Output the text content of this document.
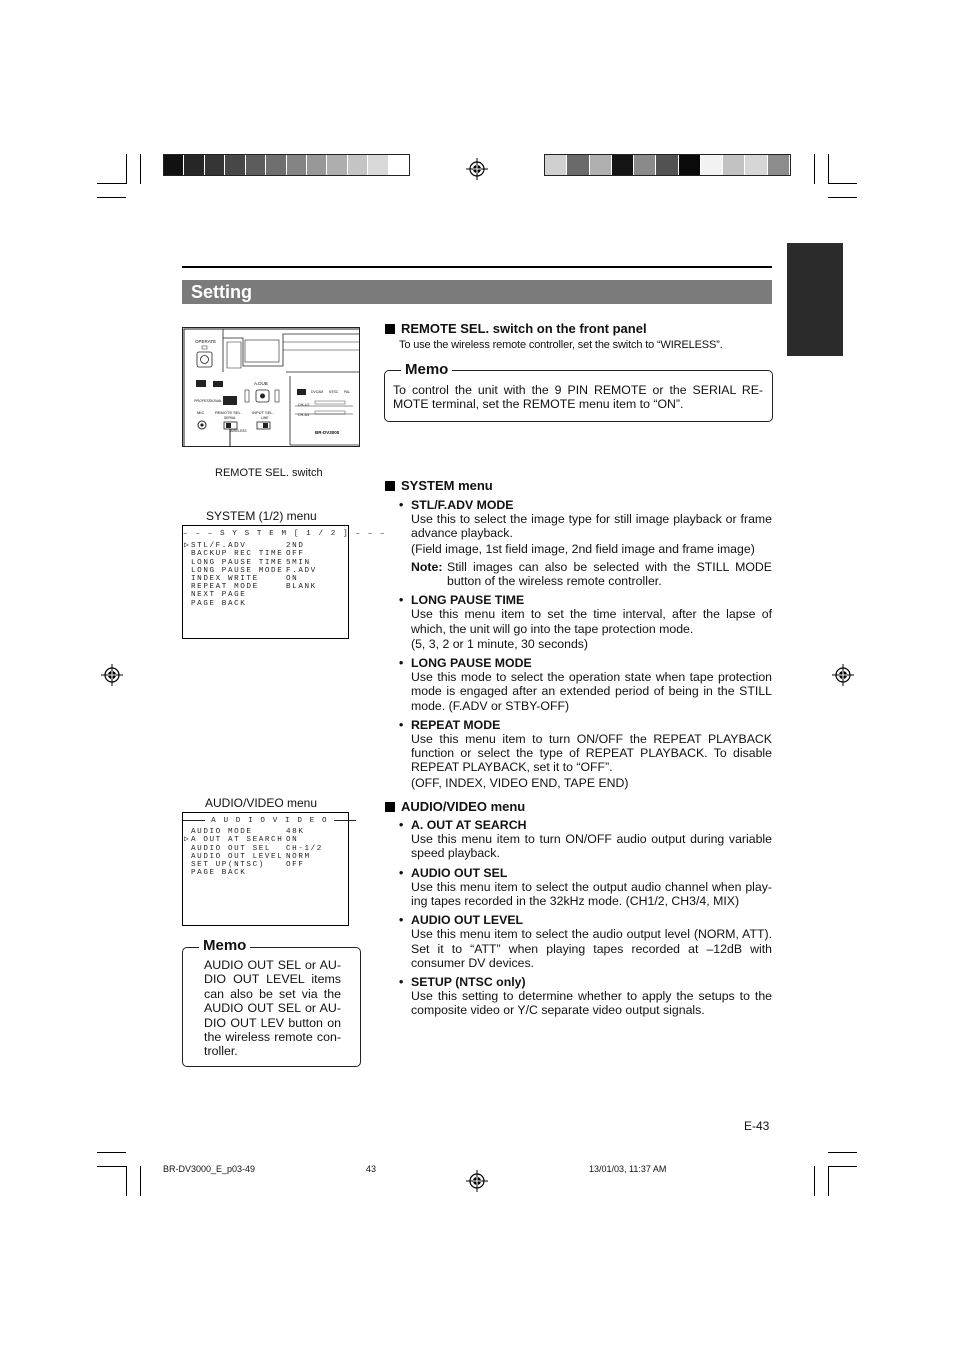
Setting
OPERATE
A.DUB
PROFESSIONAL
MIC	REMOTE SEL.
SERIAL
WIRELESS
INPUT SEL.
LINE
DVCAM NTSC PAL
CH-1/2
CH-3/4
BR-DV3000
REMOTE SEL. switch
SYSTEM (1/2) menu
– – – S Y S T E M [ 1 / 2 ] – – –
▷ STL/F.ADV	2ND
BACKUP REC TIME OFF
LONG PAUSE TIME 5MIN
LONG PAUSE MODE F.ADV
INDEX WRITE	ON
REPEAT MODE	BLANK
NEXT PAGE
PAGE BACK
AUDIO/VIDEO menu
A U D I O V I D E O
AUDIO MODE	48K
▷ A OUT AT SEARCH ON
AUDIO OUT SEL	CH-1/2
AUDIO OUT LEVEL NORM
SET UP(NTSC)	OFF
PAGE BACK
Memo
AUDIO OUT SEL or AU-DIO OUT LEVEL items can also be set via the AUDIO OUT SEL or AU-DIO OUT LEV button on the wireless remote con-troller.
REMOTE SEL. switch on the front panel
To use the wireless remote controller, set the switch to “WIRELESS”.
Memo
To control the unit with the 9 PIN REMOTE or the SERIAL RE-MOTE terminal, set the REMOTE menu item to “ON”.
SYSTEM menu
• STL/F.ADV MODE
Use this to select the image type for still image playback or frame advance playback.
(Field image, 1st field image, 2nd field image and frame image)
Note: Still images can also be selected with the STILL MODE button of the wireless remote controller.
• LONG PAUSE TIME
Use this menu item to set the time interval, after the lapse of which, the unit will go into the tape protection mode.
(5, 3, 2 or 1 minute, 30 seconds)
• LONG PAUSE MODE
Use this mode to select the operation state when tape protection mode is engaged after an extended period of being in the STILL mode. (F.ADV or STBY-OFF)
• REPEAT MODE
Use this menu item to turn ON/OFF the REPEAT PLAYBACK function or select the type of REPEAT PLAYBACK. To disable REPEAT PLAYBACK, set it to “OFF”.
(OFF, INDEX, VIDEO END, TAPE END)
AUDIO/VIDEO menu
• A. OUT AT SEARCH
Use this menu item to turn ON/OFF audio output during variable speed playback.
• AUDIO OUT SEL
Use this menu item to select the output audio channel when play-ing tapes recorded in the 32kHz mode. (CH1/2, CH3/4, MIX)
• AUDIO OUT LEVEL
Use this menu item to select the audio output level (NORM, ATT). Set it to “ATT” when playing tapes recorded at –12dB with consumer DV devices.
• SETUP (NTSC only)
Use this setting to determine whether to apply the setups to the composite video or Y/C separate video output signals.
E-43
BR-DV3000_E_p03-49	43	13/01/03, 11:37 AM
